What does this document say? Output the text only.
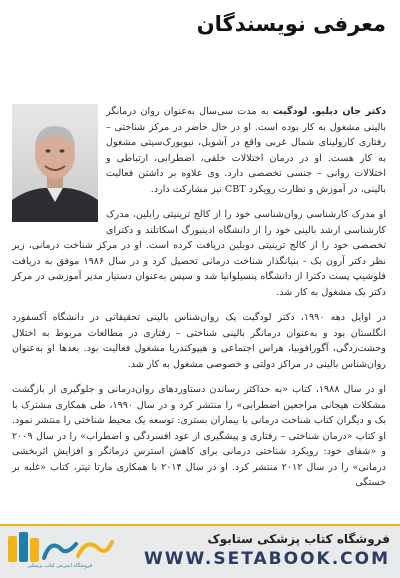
معرفی نویسندگان

دکتر جان دبلیو. لودگیت به مدت سی‌سال به‌عنوان روان درمانگر بالینی مشغول به کار بوده است. او در حال حاضر در مرکز شناختی – رفتاری کارولینای شمال غربی واقع در آشویل، نیویورک‌سیتی مشغول به کار هست. او در درمان اختلالات خلقی، اضطرابی، ارتباطی و اختلالات روانی – جنسی تخصصی دارد. وی علاوه بر داشتن فعالیت بالینی، در آموزش و نظارت رویکرد CBT نیز مشارکت دارد.

او مدرک کارشناسی روان‌شناسی خود را از کالج ترینیتی رابلین، مدرک کارشناسی ارشد بالینی خود را از دانشگاه ادینبورگ اسکاتلند و دکترای تخصصی خود را از کالج ترینیتی دوبلین دریافت کرده است. او در مرکز شناخت درمانی، زیر نظر دکتر آرون بک - بنیانگذار شناخت درمانی تحصیل کرد و در سال ۱۹۸۶ موفق به دریافت فلوشیپ پست دکترا از دانشگاه پنسیلوانیا شد و سپس به‌عنوان دستیار مدیر آموزشی در مرکز دکتر بک مشغول به کار شد.

در اوایل دهه ۱۹۹۰، دکتر لودگیت یک روان‌شناس بالینی تحقیقاتی در دانشگاه آکسفورد انگلستان بود و به‌عنوان درمانگر بالینی شناختی – رفتاری در مطالعات مربوط به اختلال وحشت‌زدگی، آگورافوبیا، هراس اجتماعی و هیپوکندریا مشغول فعالیت بود. بعدها او به‌عنوان روان‌شناس بالینی در مراکز دولتی و خصوصی مشغول به کار شد.

او در سال ۱۹۸۸، کتاب «به حداکثر رساندن دستاوردهای روان‌درمانی و جلوگیری از بازگشت مشکلات هیجانی مراجعین اضطرابی» را منتشر کرد و در سال ۱۹۹۰، طی همکاری مشترک با بک و دیگران کتاب شناخت درمانی با بیماران بستری: توسعه یک محیط شناختی را منتشر نمود. او کتاب «درمان شناختی – رفتاری و پیشگیری از عود افسردگی و اضطراب» را در سال ۲۰۰۹ و «شفای خود: رویکرد شناختی درمانی برای کاهش استرس درمانگر و افزایش اثربخشی درمانی» را در سال ۲۰۱۲ منتشر کرد. او در سال ۲۰۱۴ با همکاری مارتا تیتر، کتاب «غلبه بر خستگی

فروشگاه اینترنتی کتاب پزشکی
فروشگاه کتاب پزشکی ستابوک
WWW.SETABOOK.COM
